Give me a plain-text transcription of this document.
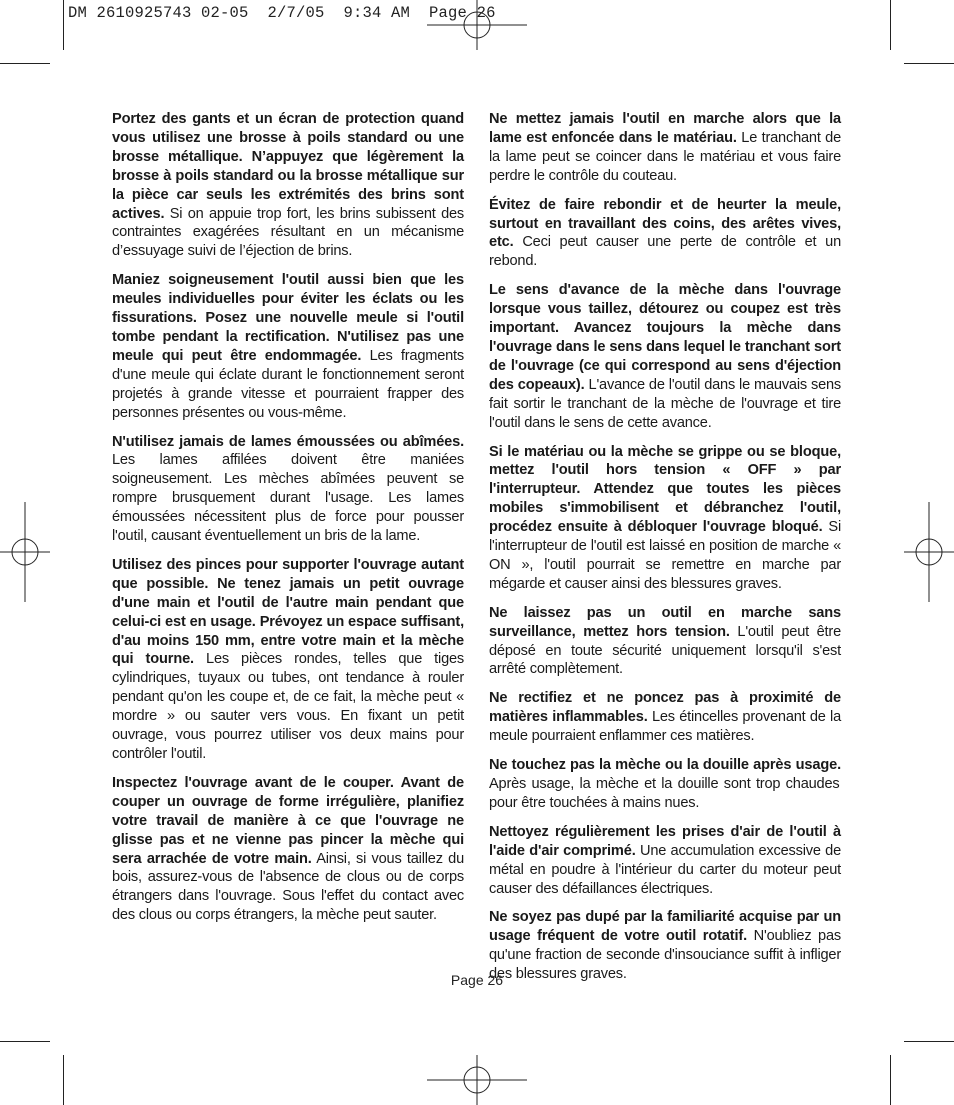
DM 2610925743 02-05  2/7/05  9:34 AM  Page 26

Portez des gants et un écran de protection quand vous utilisez une brosse à poils standard ou une brosse métallique. N’appuyez que légèrement la brosse à poils standard ou la brosse métallique sur la pièce car seuls les extrémités des brins sont actives. Si on appuie trop fort, les brins subissent des contraintes exagérées résultant en un mécanisme d’essuyage suivi de l’éjection de brins.

Maniez soigneusement l'outil aussi bien que les meules individuelles pour éviter les éclats ou les fissurations. Posez une nouvelle meule si l'outil tombe pendant la rectification. N'utilisez pas une meule qui peut être endommagée. Les fragments d'une meule qui éclate durant le fonctionnement seront projetés à grande vitesse et pourraient frapper des personnes présentes ou vous-même.

N'utilisez jamais de lames émoussées ou abîmées. Les lames affilées doivent être maniées soigneusement. Les mèches abîmées peuvent se rompre brusquement durant l'usage. Les lames émoussées nécessitent plus de force pour pousser l'outil, causant éventuellement un bris de la lame.

Utilisez des pinces pour supporter l'ouvrage autant que possible. Ne tenez jamais un petit ouvrage d'une main et l'outil de l'autre main pendant que celui-ci est en usage. Prévoyez un espace suffisant, d'au moins 150 mm, entre votre main et la mèche qui tourne. Les pièces rondes, telles que tiges cylindriques, tuyaux ou tubes, ont tendance à rouler pendant qu'on les coupe et, de ce fait, la mèche peut « mordre » ou sauter vers vous. En fixant un petit ouvrage, vous pourrez utiliser vos deux mains pour contrôler l'outil.

Inspectez l'ouvrage avant de le couper. Avant de couper un ouvrage de forme irrégulière, planifiez votre travail de manière à ce que l'ouvrage ne glisse pas et ne vienne pas pincer la mèche qui sera arrachée de votre main. Ainsi, si vous taillez du bois, assurez-vous de l'absence de clous ou de corps étrangers dans l'ouvrage. Sous l'effet du contact avec des clous ou corps étrangers, la mèche peut sauter.

Ne mettez jamais l'outil en marche alors que la lame est enfoncée dans le matériau. Le tranchant de la lame peut se coincer dans le matériau et vous faire perdre le contrôle du couteau.

Évitez de faire rebondir et de heurter la meule, surtout en travaillant des coins, des arêtes vives, etc. Ceci peut causer une perte de contrôle et un rebond.

Le sens d'avance de la mèche dans l'ouvrage lorsque vous taillez, détourez ou coupez est très important. Avancez toujours la mèche dans l'ouvrage dans le sens dans lequel le tranchant sort de l'ouvrage (ce qui correspond au sens d'éjection des copeaux). L'avance de l'outil dans le mauvais sens fait sortir le tranchant de la mèche de l'ouvrage et tire l'outil dans le sens de cette avance.

Si le matériau ou la mèche se grippe ou se bloque, mettez l'outil hors tension « OFF » par l'interrupteur. Attendez que toutes les pièces mobiles s'immobilisent et débranchez l'outil, procédez ensuite à débloquer l'ouvrage bloqué. Si l'interrupteur de l'outil est laissé en position de marche « ON », l'outil pourrait se remettre en marche par mégarde et causer ainsi des blessures graves.

Ne laissez pas un outil en marche sans surveillance, mettez hors tension. L'outil peut être déposé en toute sécurité uniquement lorsqu'il s'est arrêté complètement.

Ne rectifiez et ne poncez pas à proximité de matières inflammables. Les étincelles provenant de la meule pourraient enflammer ces matières.

Ne touchez pas la mèche ou la douille après usage. Après usage, la mèche et la douille sont trop chaudes pour être touchées à mains nues.

Nettoyez régulièrement les prises d'air de l'outil à l'aide d'air comprimé. Une accumulation excessive de métal en poudre à l'intérieur du carter du moteur peut causer des défaillances électriques.

Ne soyez pas dupé par la familiarité acquise par un usage fréquent de votre outil rotatif. N'oubliez pas qu'une fraction de seconde d'insouciance suffit à infliger des blessures graves.

Page 26
